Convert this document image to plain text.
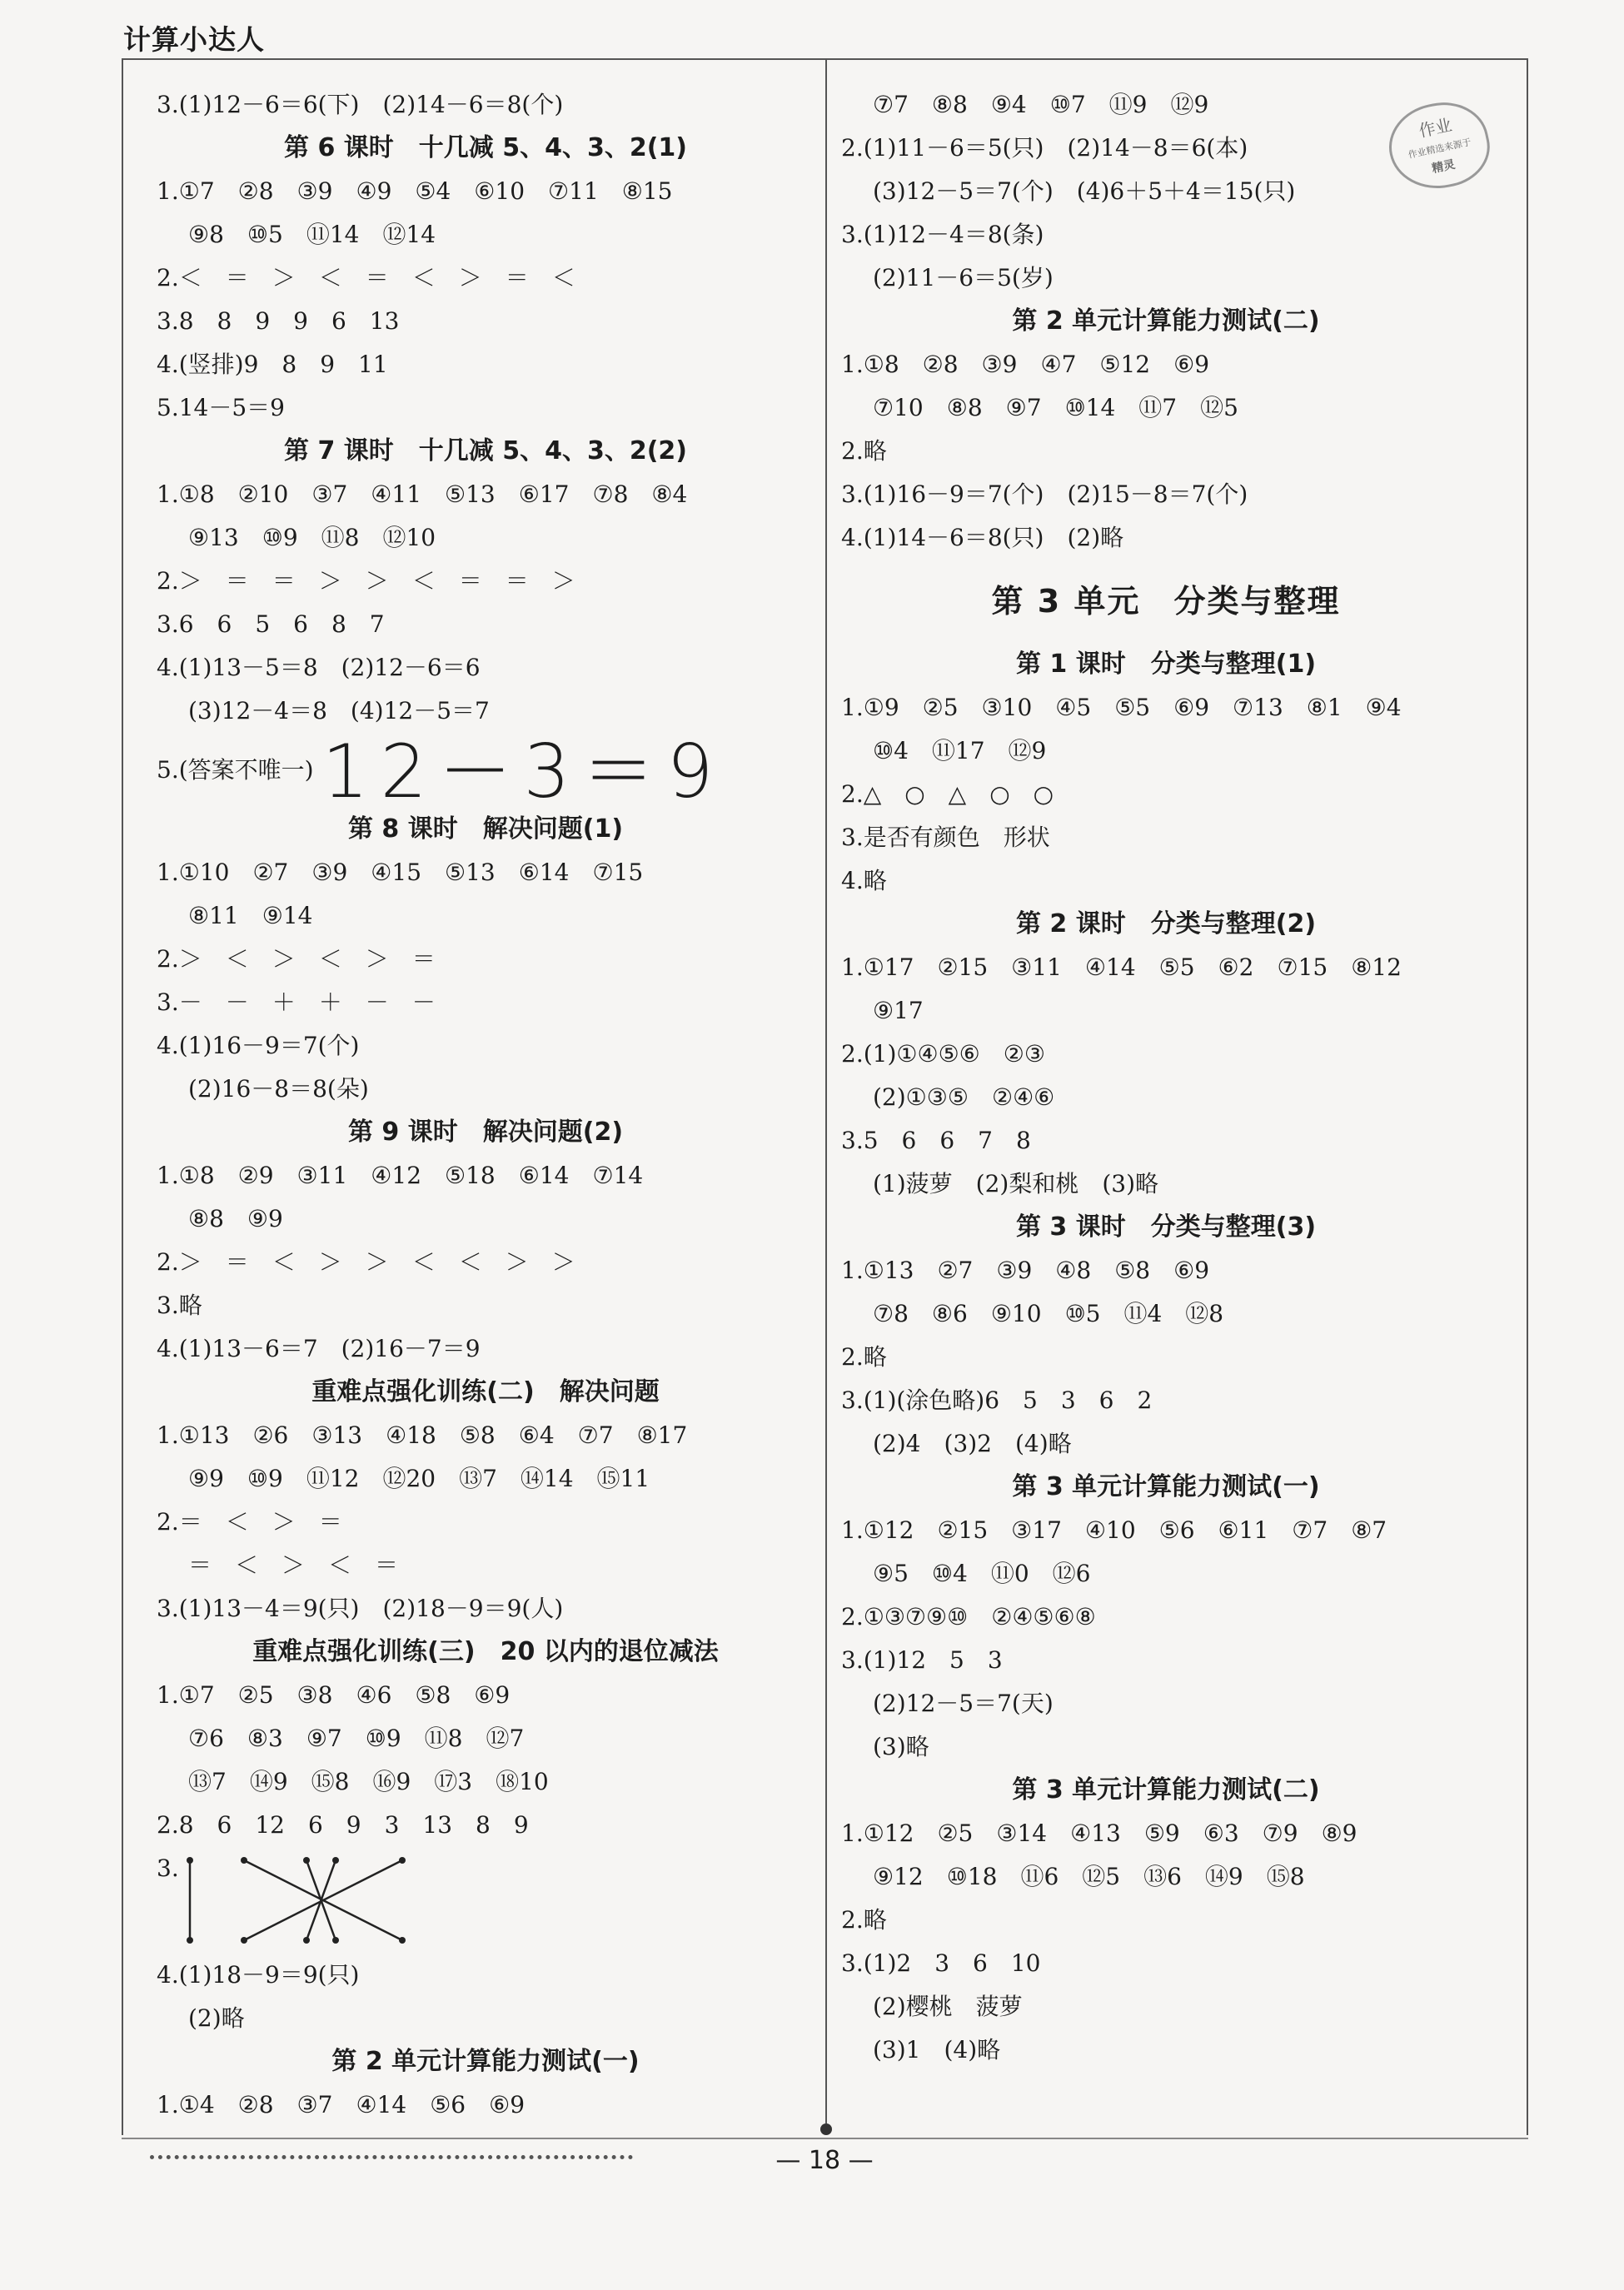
计算小达人
— 18 —
作业
作业精选来源于
精灵
3.(1)12－6＝6(下)　(2)14－6＝8(个)
第 6 课时　十几减 5、4、3、2(1)
1.①7　②8　③9　④9　⑤4　⑥10　⑦11　⑧15
⑨8　⑩5　⑪14　⑫14
2.＜　＝　＞　＜　＝　＜　＞　＝　＜
3.8　8　9　9　6　13
4.(竖排)9　8　9　11
5.14－5＝9
第 7 课时　十几减 5、4、3、2(2)
1.①8　②10　③7　④11　⑤13　⑥17　⑦8　⑧4
⑨13　⑩9　⑪8　⑫10
2.＞　＝　＝　＞　＞　＜　＝　＝　＞
3.6　6　5　6　8　7
4.(1)13－5＝8　(2)12－6＝6
(3)12－4＝8　(4)12－5＝7
5.(答案不唯一) 12－3＝9
第 8 课时　解决问题(1)
1.①10　②7　③9　④15　⑤13　⑥14　⑦15
⑧11　⑨14
2.＞　＜　＞　＜　＞　＝
3.－　－　＋　＋　－　－
4.(1)16－9＝7(个)
(2)16－8＝8(朵)
第 9 课时　解决问题(2)
1.①8　②9　③11　④12　⑤18　⑥14　⑦14
⑧8　⑨9
2.＞　＝　＜　＞　＞　＜　＜　＞　＞
3.略
4.(1)13－6＝7　(2)16－7＝9
重难点强化训练(二)　解决问题
1.①13　②6　③13　④18　⑤8　⑥4　⑦7　⑧17
⑨9　⑩9　⑪12　⑫20　⑬7　⑭14　⑮11
2.＝　＜　＞　＝
＝　＜　＞　＜　＝
3.(1)13－4＝9(只)　(2)18－9＝9(人)
重难点强化训练(三)　20 以内的退位减法
1.①7　②5　③8　④6　⑤8　⑥9
⑦6　⑧3　⑨7　⑩9　⑪8　⑫7
⑬7　⑭9　⑮8　⑯9　⑰3　⑱10
2.8　6　12　6　9　3　13　8　9
3.
4.(1)18－9＝9(只)
(2)略
第 2 单元计算能力测试(一)
1.①4　②8　③7　④14　⑤6　⑥9
⑦7　⑧8　⑨4　⑩7　⑪9　⑫9
2.(1)11－6＝5(只)　(2)14－8＝6(本)
(3)12－5＝7(个)　(4)6＋5＋4＝15(只)
3.(1)12－4＝8(条)
(2)11－6＝5(岁)
第 2 单元计算能力测试(二)
1.①8　②8　③9　④7　⑤12　⑥9
⑦10　⑧8　⑨7　⑩14　⑪7　⑫5
2.略
3.(1)16－9＝7(个)　(2)15－8＝7(个)
4.(1)14－6＝8(只)　(2)略
第 3 单元　分类与整理
第 1 课时　分类与整理(1)
1.①9　②5　③10　④5　⑤5　⑥9　⑦13　⑧1　⑨4
⑩4　⑪17　⑫9
2.△　○　△　○　○
3.是否有颜色　形状
4.略
第 2 课时　分类与整理(2)
1.①17　②15　③11　④14　⑤5　⑥2　⑦15　⑧12
⑨17
2.(1)①④⑤⑥　②③
(2)①③⑤　②④⑥
3.5　6　6　7　8
(1)菠萝　(2)梨和桃　(3)略
第 3 课时　分类与整理(3)
1.①13　②7　③9　④8　⑤8　⑥9
⑦8　⑧6　⑨10　⑩5　⑪4　⑫8
2.略
3.(1)(涂色略)6　5　3　6　2
(2)4　(3)2　(4)略
第 3 单元计算能力测试(一)
1.①12　②15　③17　④10　⑤6　⑥11　⑦7　⑧7
⑨5　⑩4　⑪0　⑫6
2.①③⑦⑨⑩　②④⑤⑥⑧
3.(1)12　5　3
(2)12－5＝7(天)
(3)略
第 3 单元计算能力测试(二)
1.①12　②5　③14　④13　⑤9　⑥3　⑦9　⑧9
⑨12　⑩18　⑪6　⑫5　⑬6　⑭9　⑮8
2.略
3.(1)2　3　6　10
(2)樱桃　菠萝
(3)1　(4)略
